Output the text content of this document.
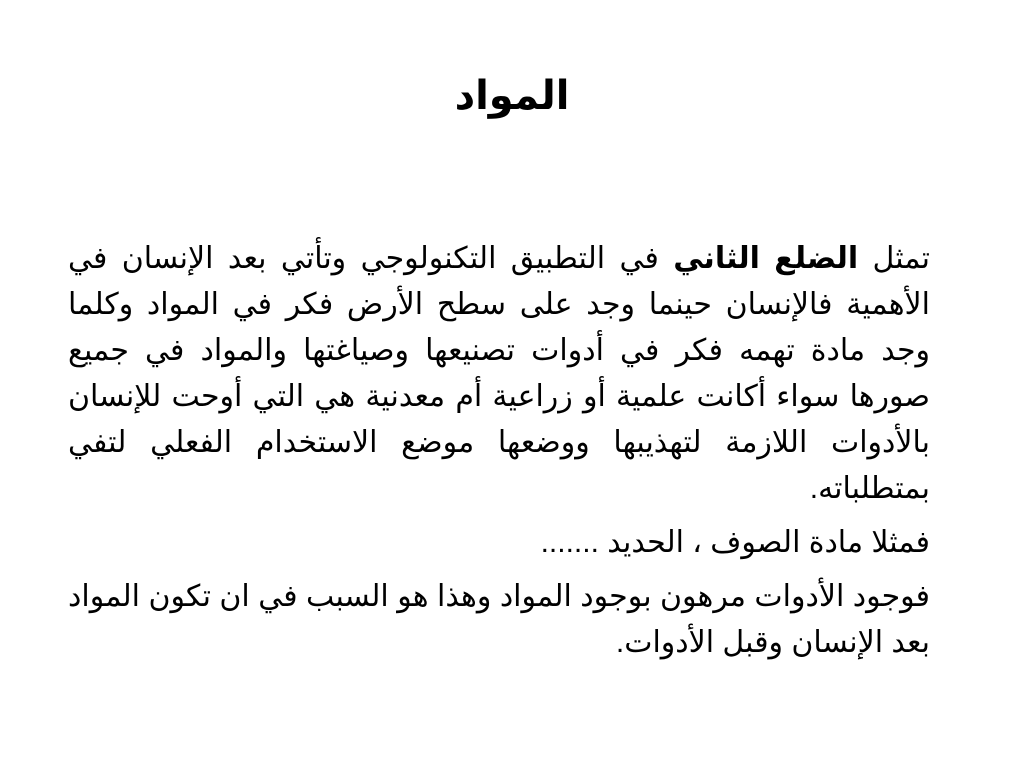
المواد

تمثل الضلع الثاني في التطبيق التكنولوجي وتأتي بعد الإنسان في الأهمية فالإنسان حينما وجد على سطح الأرض فكر في المواد وكلما وجد مادة تهمه فكر في أدوات تصنيعها وصياغتها والمواد في جميع صورها سواء أكانت علمية أو زراعية أم معدنية هي التي أوحت للإنسان بالأدوات اللازمة لتهذيبها ووضعها موضع الاستخدام الفعلي لتفي بمتطلباته.

فمثلا مادة الصوف ، الحديد .......

فوجود الأدوات مرهون بوجود المواد وهذا هو السبب في ان تكون المواد بعد الإنسان وقبل الأدوات.
